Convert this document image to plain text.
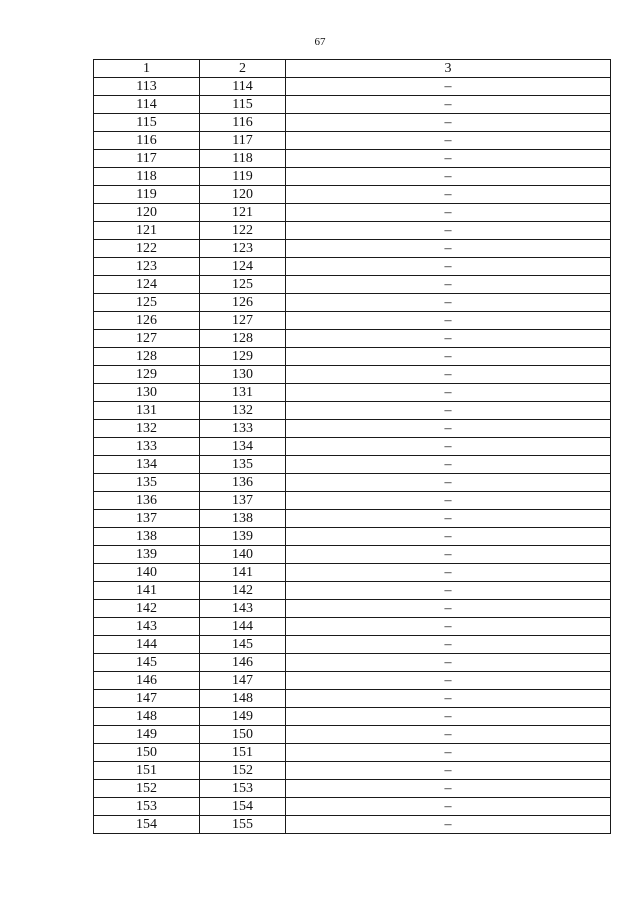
67
1	2	3
113	114	–
114	115	–
115	116	–
116	117	–
117	118	–
118	119	–
119	120	–
120	121	–
121	122	–
122	123	–
123	124	–
124	125	–
125	126	–
126	127	–
127	128	–
128	129	–
129	130	–
130	131	–
131	132	–
132	133	–
133	134	–
134	135	–
135	136	–
136	137	–
137	138	–
138	139	–
139	140	–
140	141	–
141	142	–
142	143	–
143	144	–
144	145	–
145	146	–
146	147	–
147	148	–
148	149	–
149	150	–
150	151	–
151	152	–
152	153	–
153	154	–
154	155	–
